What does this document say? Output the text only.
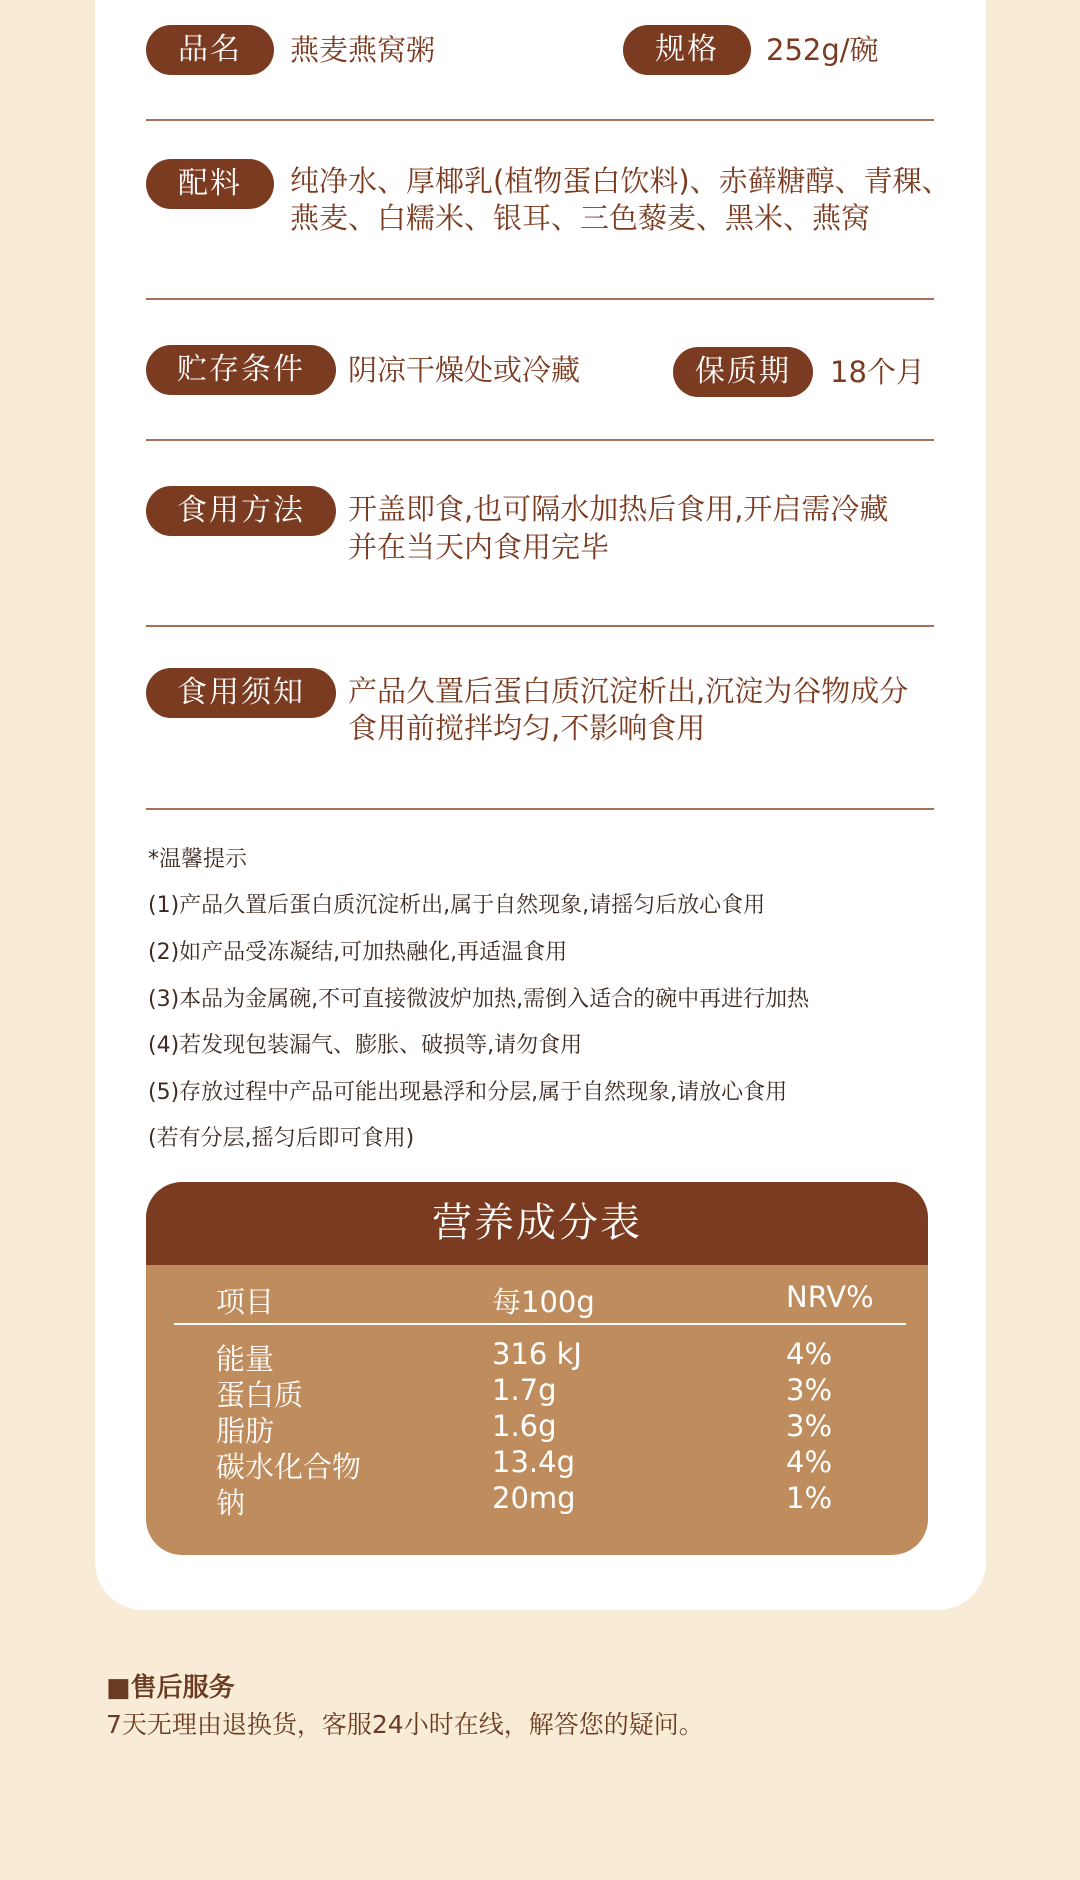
品名	燕麦燕窝粥	规格	252g/碗
配料	纯净水、厚椰乳(植物蛋白饮料)、赤藓糖醇、青稞、
燕麦、白糯米、银耳、三色藜麦、黑米、燕窝
贮存条件	阴凉干燥处或冷藏	保质期	18个月
食用方法	开盖即食,也可隔水加热后食用,开启需冷藏
并在当天内食用完毕
食用须知	产品久置后蛋白质沉淀析出,沉淀为谷物成分
食用前搅拌均匀,不影响食用
*温馨提示
(1)产品久置后蛋白质沉淀析出,属于自然现象,请摇匀后放心食用
(2)如产品受冻凝结,可加热融化,再适温食用
(3)本品为金属碗,不可直接微波炉加热,需倒入适合的碗中再进行加热
(4)若发现包装漏气、膨胀、破损等,请勿食用
(5)存放过程中产品可能出现悬浮和分层,属于自然现象,请放心食用
(若有分层,摇匀后即可食用)
营养成分表
项目	每100g	NRV%
能量	316 kJ	4%
蛋白质	1.7g	3%
脂肪	1.6g	3%
碳水化合物	13.4g	4%
钠	20mg	1%
■售后服务
7天无理由退换货，客服24小时在线，解答您的疑问。
